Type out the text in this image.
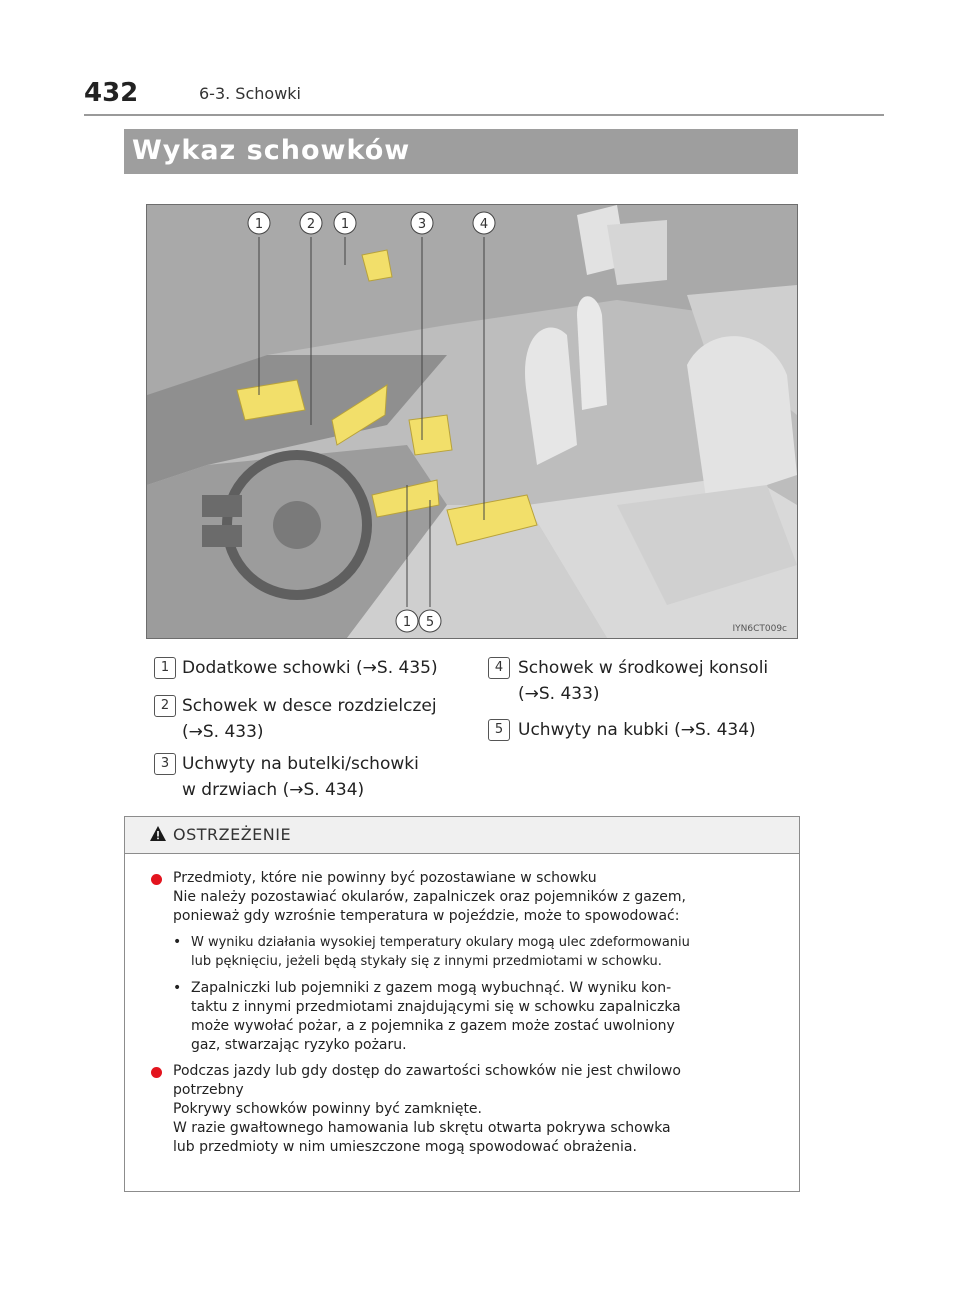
432	6-3. Schowki
Wykaz schowków
1	2 1	3	4
1 5	IYN6CT009c
1 Dodatkowe schowki (→S. 435)
2 Schowek w desce rozdzielczej
(→S. 433)
3 Uchwyty na butelki/schowki
w drzwiach (→S. 434)
4 Schowek w środkowej konsoli
(→S. 433)
5 Uchwyty na kubki (→S. 434)
OSTRZEŻENIE
Przedmioty, które nie powinny być pozostawiane w schowku
Nie należy pozostawiać okularów, zapalniczek oraz pojemników z gazem,
ponieważ gdy wzrośnie temperatura w pojeździe, może to spowodować:
• W wyniku działania wysokiej temperatury okulary mogą ulec zdeformowaniu
lub pęknięciu, jeżeli będą stykały się z innymi przedmiotami w schowku.
• Zapalniczki lub pojemniki z gazem mogą wybuchnąć. W wyniku kon-
taktu z innymi przedmiotami znajdującymi się w schowku zapalniczka
może wywołać pożar, a z pojemnika z gazem może zostać uwolniony
gaz, stwarzając ryzyko pożaru.
Podczas jazdy lub gdy dostęp do zawartości schowków nie jest chwilowo
potrzebny
Pokrywy schowków powinny być zamknięte.
W razie gwałtownego hamowania lub skrętu otwarta pokrywa schowka
lub przedmioty w nim umieszczone mogą spowodować obrażenia.
